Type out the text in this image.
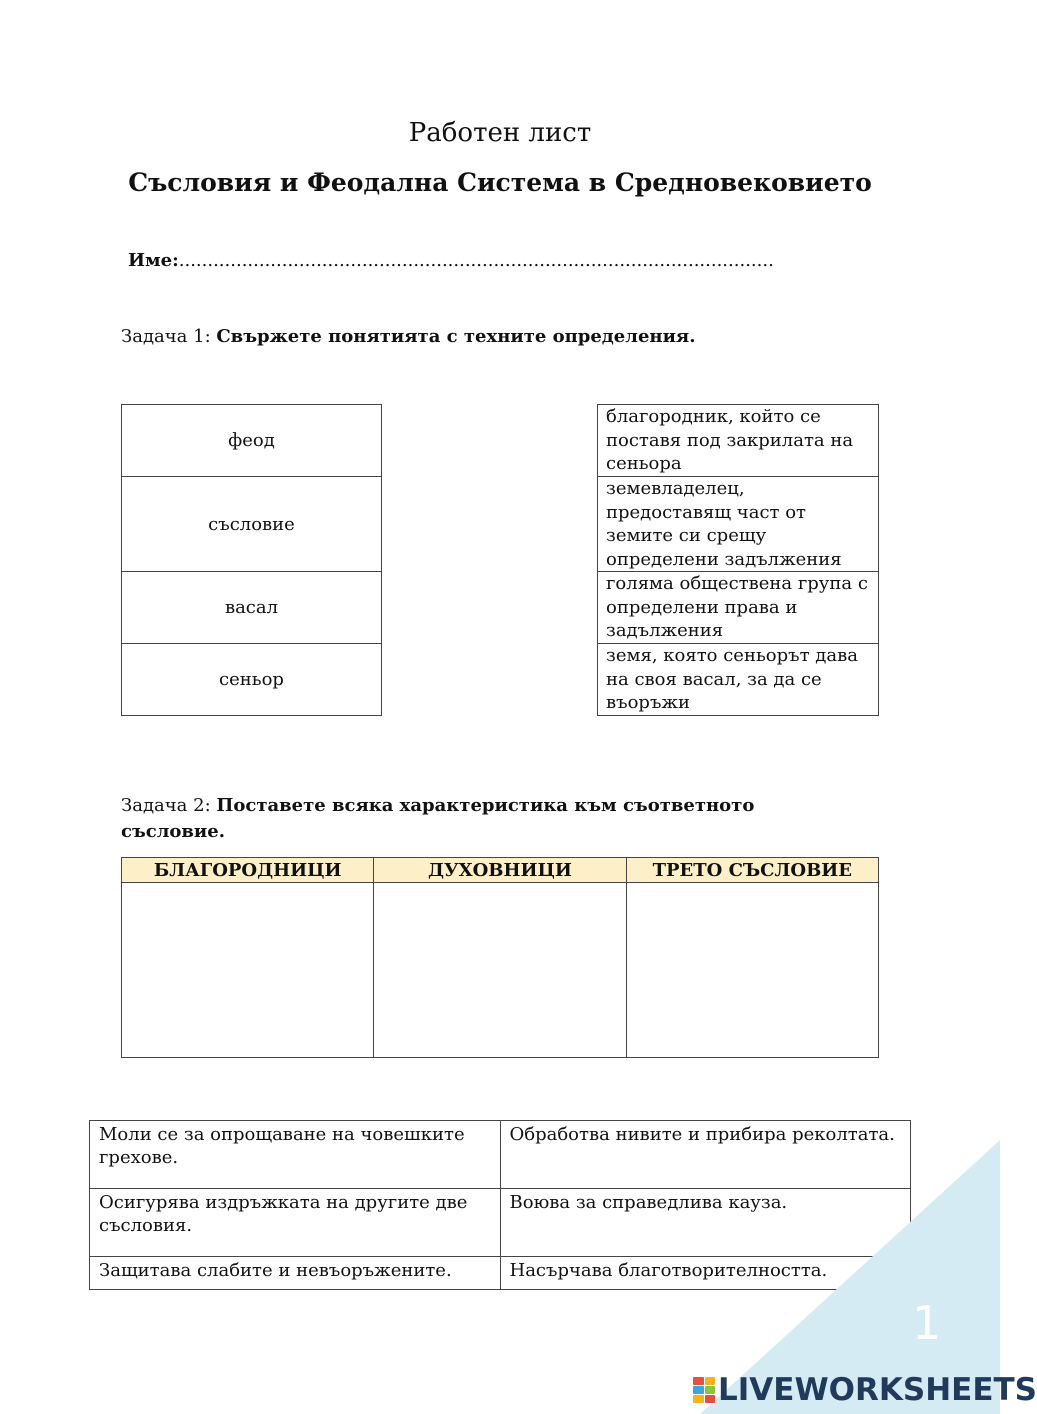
Работен лист
Съсловия и Феодална Система в Средновековието
Име:........................................................................................................
Задача 1: Свържете понятията с техните определения.
феод
съсловие
васал
сеньор
благородник, който се поставя под закрилата на сеньора
земевладелец, предоставящ част от земите си срещу определени задължения
голяма обществена група с определени права и задължения
земя, която сеньорът дава на своя васал, за да се въоръжи
Задача 2: Поставете всяка характеристика към съответното съсловие.
БЛАГОРОДНИЦИ	ДУХОВНИЦИ	ТРЕТО СЪСЛОВИЕ

Моли се за опрощаване на човешките грехове.	Обработва нивите и прибира реколтата.
Осигурява издръжката на другите две съсловия.	Воюва за справедлива кауза.
Защитава слабите и невъоръжените.	Насърчава благотворителността.
1
LIVEWORKSHEETS
